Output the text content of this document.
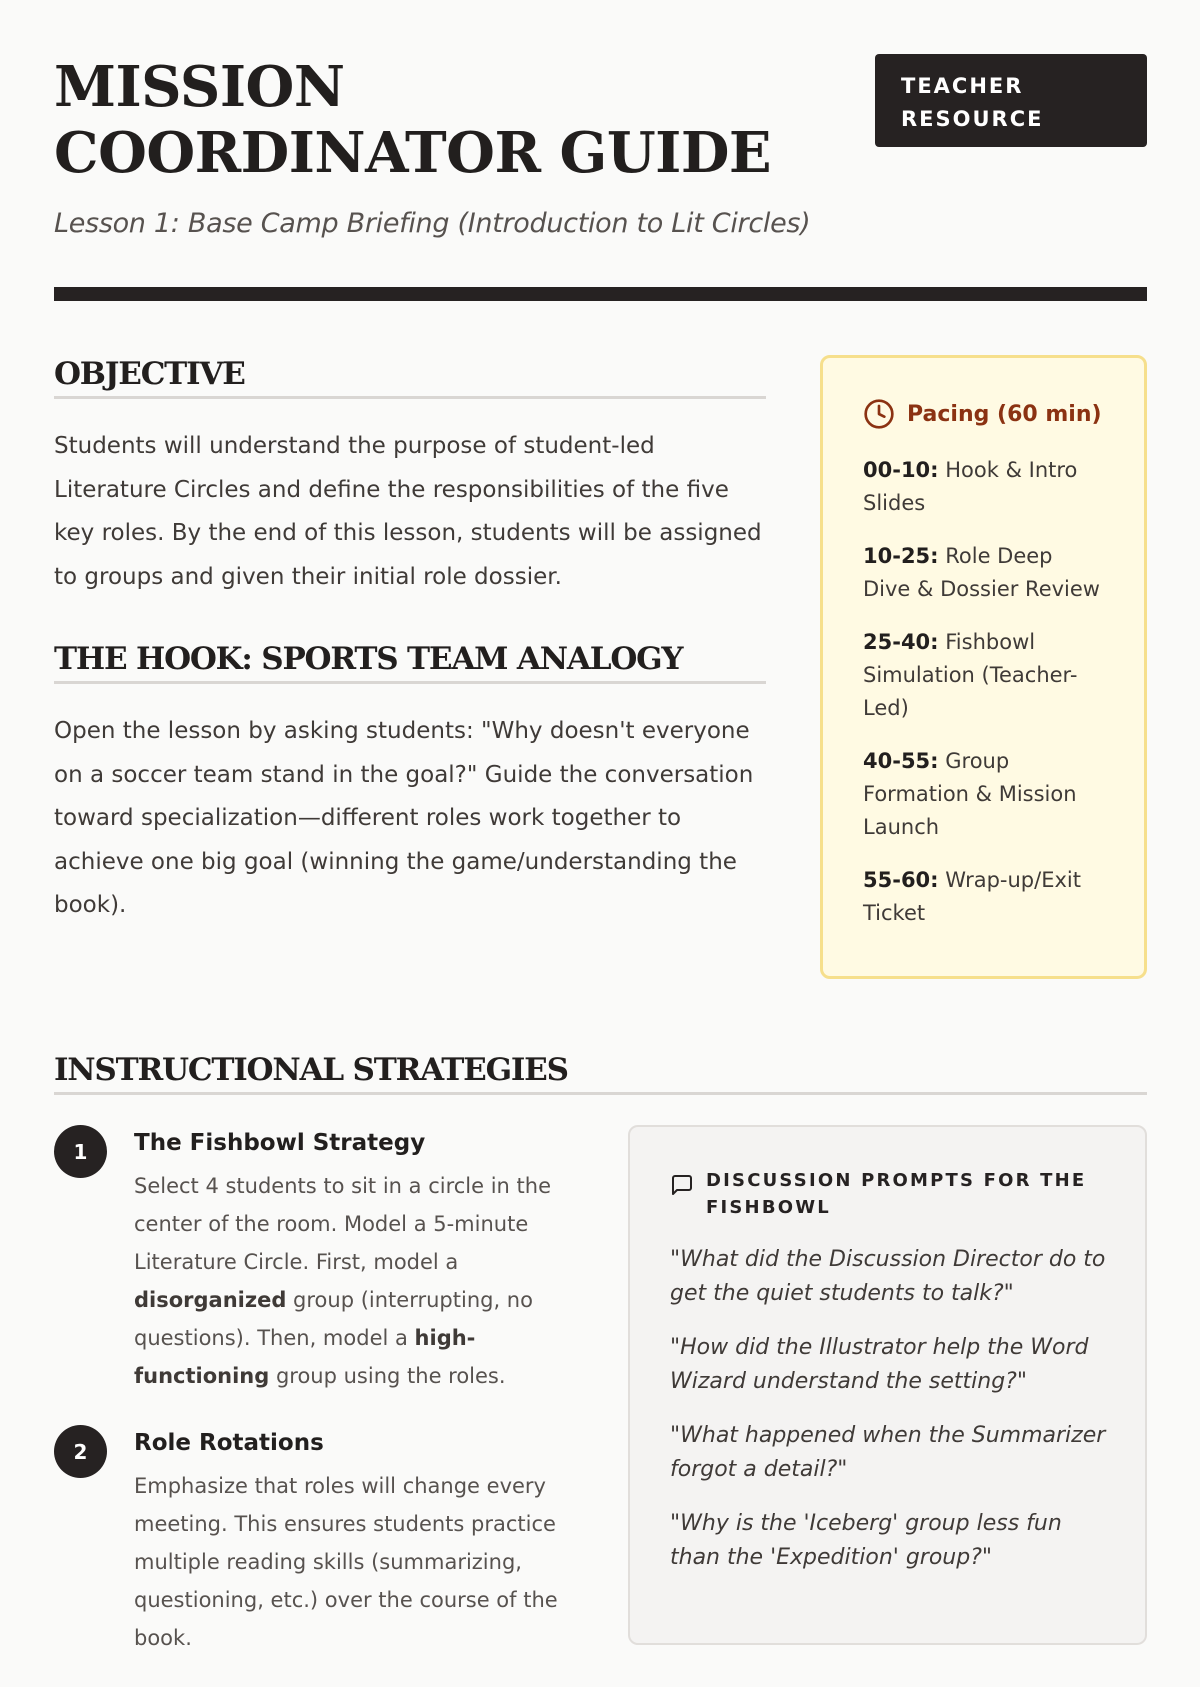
MISSION COORDINATOR GUIDE
Lesson 1: Base Camp Briefing (Introduction to Lit Circles)
TEACHER RESOURCE
OBJECTIVE

Students will understand the purpose of student-led Literature Circles and define the responsibilities of the five key roles. By the end of this lesson, students will be assigned to groups and given their initial role dossier.

THE HOOK: SPORTS TEAM ANALOGY

Open the lesson by asking students: "Why doesn't everyone on a soccer team stand in the goal?" Guide the conversation toward specialization—different roles work together to achieve one big goal (winning the game/understanding the book).

Pacing (60 min)
00-10: Hook & Intro Slides
10-25: Role Deep Dive & Dossier Review
25-40: Fishbowl Simulation (Teacher-Led)
40-55: Group Formation & Mission Launch
55-60: Wrap-up/Exit Ticket
INSTRUCTIONAL STRATEGIES
1	The Fishbowl Strategy

Select 4 students to sit in a circle in the center of the room. Model a 5-minute Literature Circle. First, model a disorganized group (interrupting, no questions). Then, model a high-functioning group using the roles.

2	Role Rotations

Emphasize that roles will change every meeting. This ensures students practice multiple reading skills (summarizing, questioning, etc.) over the course of the book.

DISCUSSION PROMPTS FOR THE FISHBOWL

"What did the Discussion Director do to get the quiet students to talk?"

"How did the Illustrator help the Word Wizard understand the setting?"

"What happened when the Summarizer forgot a detail?"

"Why is the 'Iceberg' group less fun than the 'Expedition' group?"
